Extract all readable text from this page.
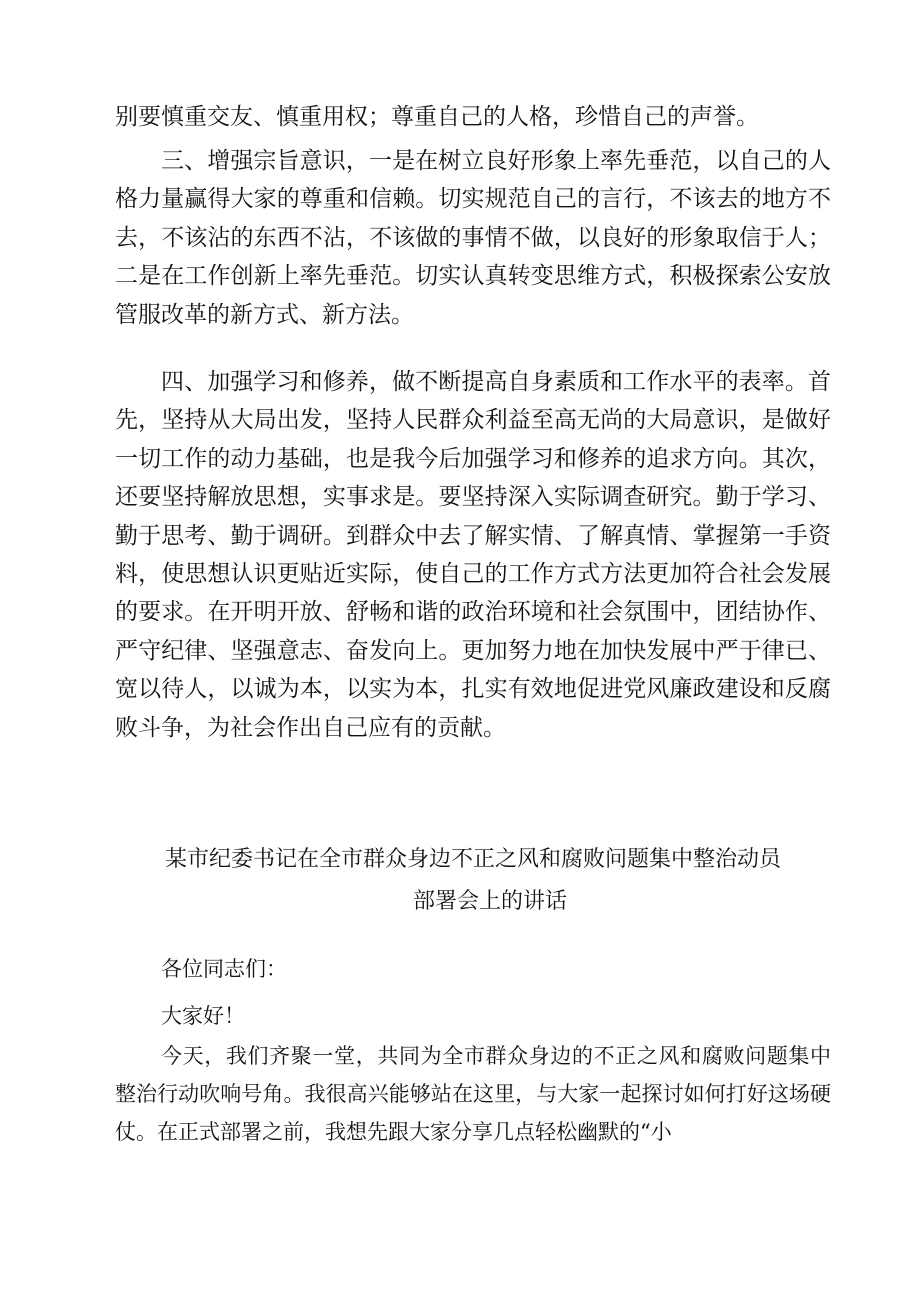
别要慎重交友、慎重用权；尊重自己的人格，珍惜自己的声誉。

三、增强宗旨意识，一是在树立良好形象上率先垂范，以自己的人格力量赢得大家的尊重和信赖。切实规范自己的言行，不该去的地方不去，不该沾的东西不沾，不该做的事情不做，以良好的形象取信于人；二是在工作创新上率先垂范。切实认真转变思维方式，积极探索公安放管服改革的新方式、新方法。

四、加强学习和修养，做不断提高自身素质和工作水平的表率。首先，坚持从大局出发，坚持人民群众利益至高无尚的大局意识，是做好一切工作的动力基础，也是我今后加强学习和修养的追求方向。其次，还要坚持解放思想，实事求是。要坚持深入实际调查研究。勤于学习、勤于思考、勤于调研。到群众中去了解实情、了解真情、掌握第一手资料，使思想认识更贴近实际，使自己的工作方式方法更加符合社会发展的要求。在开明开放、舒畅和谐的政治环境和社会氛围中，团结协作、严守纪律、坚强意志、奋发向上。更加努力地在加快发展中严于律已、宽以待人，以诚为本，以实为本，扎实有效地促进党风廉政建设和反腐败斗争，为社会作出自己应有的贡献。

某市纪委书记在全市群众身边不正之风和腐败问题集中整治动员

部署会上的讲话

各位同志们：

大家好！

今天，我们齐聚一堂，共同为全市群众身边的不正之风和腐败问题集中整治行动吹响号角。我很高兴能够站在这里，与大家一起探讨如何打好这场硬仗。在正式部署之前，我想先跟大家分享几点轻松幽默的“小
